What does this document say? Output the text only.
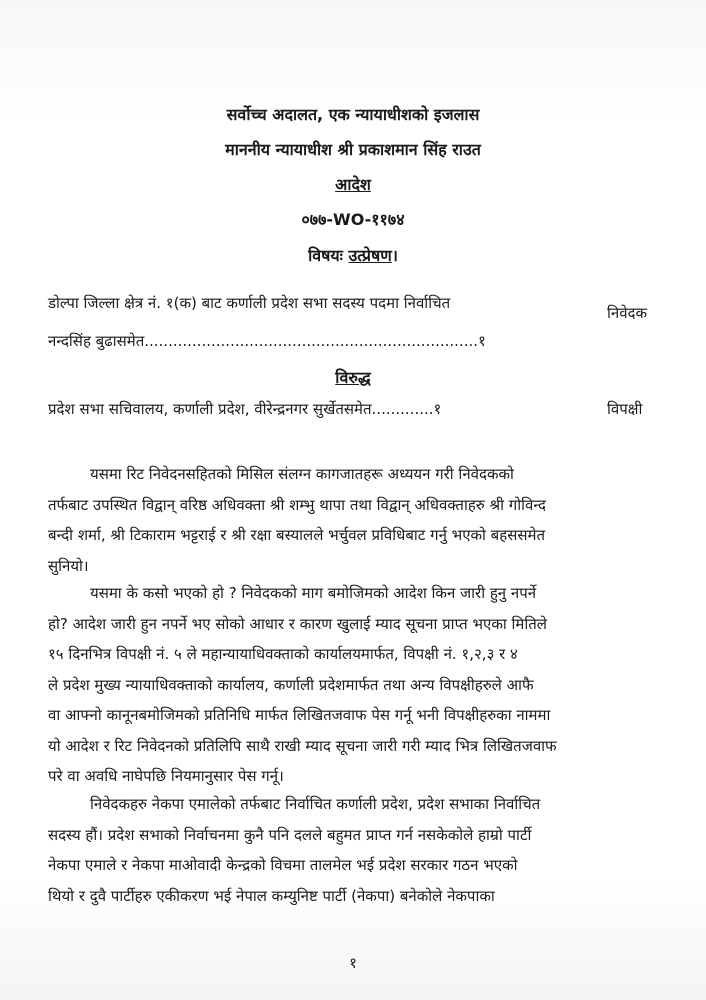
सर्वोच्च अदालत, एक न्यायाधीशको इजलास
माननीय न्यायाधीश श्री प्रकाशमान सिंह राउत
आदेश
०७७-WO-११७४
विषयः उत्प्रेषण।
डोल्पा जिल्ला क्षेत्र नं. १(क) बाट कर्णाली प्रदेश सभा सदस्य पदमा निर्वाचित
नन्दसिंह बुढासमेत......................................................................१
निवेदक
विरुद्ध
प्रदेश सभा सचिवालय, कर्णाली प्रदेश, वीरेन्द्रनगर सुर्खेतसमेत.............१	विपक्षी
यसमा रिट निवेदनसहितको मिसिल संलग्न कागजातहरू अध्ययन गरी निवेदकको
तर्फबाट उपस्थित विद्वान् वरिष्ठ अधिवक्ता श्री शम्भु थापा तथा विद्वान् अधिवक्ताहरु श्री गोविन्द
बन्दी शर्मा, श्री टिकाराम भट्टराई र श्री रक्षा बस्यालले भर्चुवल प्रविधिबाट गर्नु भएको बहससमेत
सुनियो।
यसमा के कसो भएको हो ? निवेदकको माग बमोजिमको आदेश किन जारी हुनु नपर्ने
हो? आदेश जारी हुन नपर्ने भए सोको आधार र कारण खुलाई म्याद सूचना प्राप्त भएका मितिले
१५ दिनभित्र विपक्षी नं. ५ ले महान्यायाधिवक्ताको कार्यालयमार्फत, विपक्षी नं. १,२,३ र ४
ले प्रदेश मुख्य न्यायाधिवक्ताको कार्यालय, कर्णाली प्रदेशमार्फत तथा अन्य विपक्षीहरुले आफै
वा आफ्नो कानूनबमोजिमको प्रतिनिधि मार्फत लिखितजवाफ पेस गर्नू भनी विपक्षीहरुका नाममा
यो आदेश र रिट निवेदनको प्रतिलिपि साथै राखी म्याद सूचना जारी गरी म्याद भित्र लिखितजवाफ
परे वा अवधि नाघेपछि नियमानुसार पेस गर्नू।
निवेदकहरु नेकपा एमालेको तर्फबाट निर्वाचित कर्णाली प्रदेश, प्रदेश सभाका निर्वाचित
सदस्य हौं। प्रदेश सभाको निर्वाचनमा कुनै पनि दलले बहुमत प्राप्त गर्न नसकेकोले हाम्रो पार्टी
नेकपा एमाले र नेकपा माओवादी केन्द्रको विचमा तालमेल भई प्रदेश सरकार गठन भएको
थियो र दुवै पार्टीहरु एकीकरण भई नेपाल कम्युनिष्ट पार्टी (नेकपा) बनेकोले नेकपाका
१
